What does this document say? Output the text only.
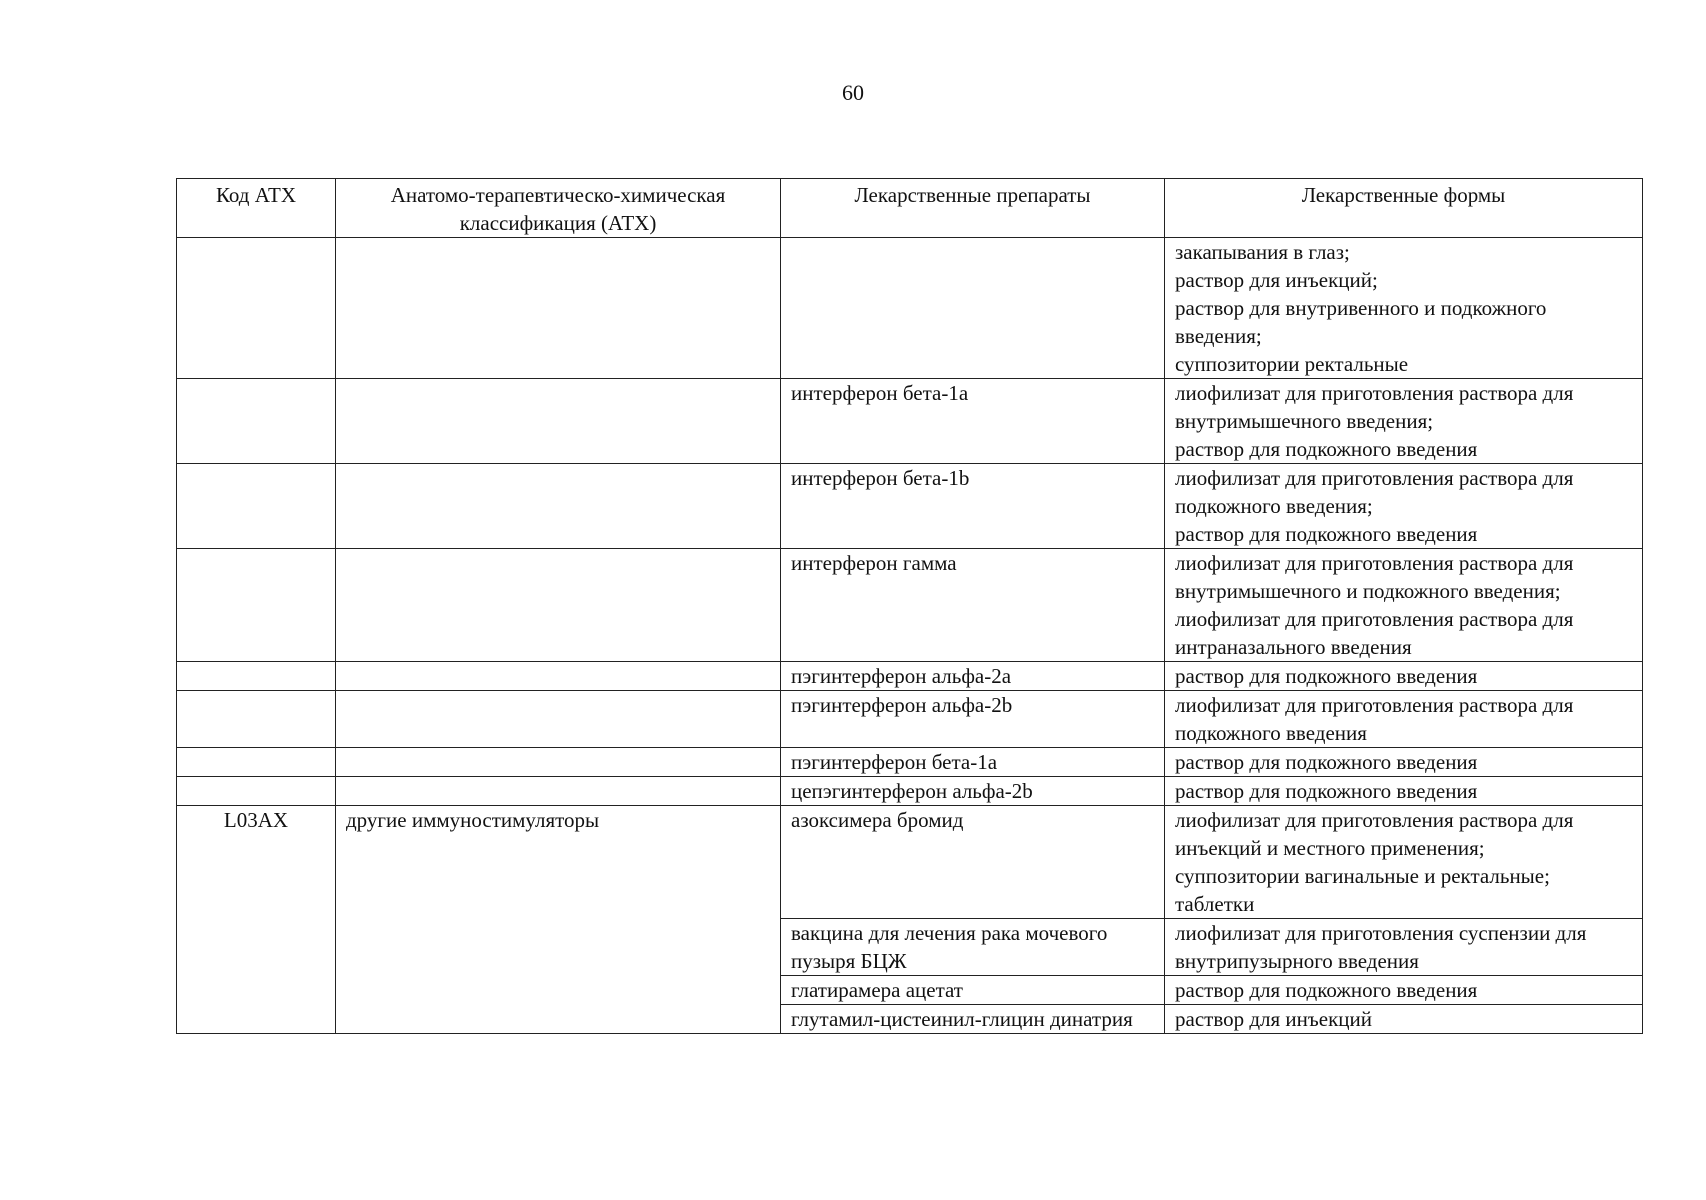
60
Код АТХ	Анатомо-терапевтическо-химическая классификация (АТХ)	Лекарственные препараты	Лекарственные формы
			закапывания в глаз;
раствор для инъекций;
раствор для внутривенного и подкожного введения;
суппозитории ректальные
		интерферон бета-1a	лиофилизат для приготовления раствора для внутримышечного введения;
раствор для подкожного введения
		интерферон бета-1b	лиофилизат для приготовления раствора для подкожного введения;
раствор для подкожного введения
		интерферон гамма	лиофилизат для приготовления раствора для внутримышечного и подкожного введения;
лиофилизат для приготовления раствора для интраназального введения
		пэгинтерферон альфа-2a	раствор для подкожного введения
		пэгинтерферон альфа-2b	лиофилизат для приготовления раствора для подкожного введения
		пэгинтерферон бета-1a	раствор для подкожного введения
		цепэгинтерферон альфа-2b	раствор для подкожного введения
L03AX	другие иммуностимуляторы	азоксимера бромид	лиофилизат для приготовления раствора для инъекций и местного применения;
суппозитории вагинальные и ректальные;
таблетки
		вакцина для лечения рака мочевого пузыря БЦЖ	лиофилизат для приготовления суспензии для внутрипузырного введения
		глатирамера ацетат	раствор для подкожного введения
		глутамил-цистеинил-глицин динатрия	раствор для инъекций
